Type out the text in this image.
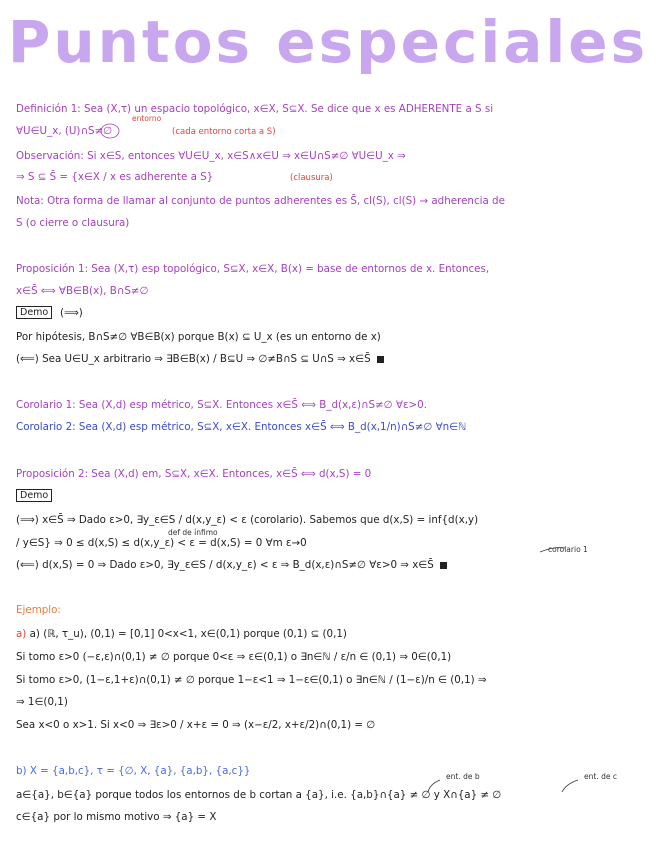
Puntos especiales
Definición 1: Sea (X,τ) un espacio topológico, x∈X, S⊆X. Se dice que x es ADHERENTE a S si
entorno
∀U∈U_x, (U)∩S≠∅	(cada entorno corta a S)
Observación: Si x∈S, entonces ∀U∈U_x, x∈S∧x∈U ⇒ x∈U∩S≠∅ ∀U∈U_x ⇒
⇒ S ⊆ S̄ = {x∈X / x es adherente a S}	(clausura)
Nota: Otra forma de llamar al conjunto de puntos adherentes es S̄, cl(S), cl(S) → adherencia de
S (o cierre o clausura)
Proposición 1: Sea (X,τ) esp topológico, S⊆X, x∈X, B(x) = base de entornos de x. Entonces,
x∈S̄ ⟺ ∀B∈B(x), B∩S≠∅
Demo	(⟹)
Por hipótesis, B∩S≠∅ ∀B∈B(x) porque B(x) ⊆ U_x (es un entorno de x)
(⟸) Sea U∈U_x arbitrario ⇒ ∃B∈B(x) / B⊆U ⇒ ∅≠B∩S ⊆ U∩S ⇒ x∈S̄
Corolario 1: Sea (X,d) esp métrico, S⊆X. Entonces x∈S̄ ⟺ B_d(x,ε)∩S≠∅ ∀ε>0.
Corolario 2: Sea (X,d) esp métrico, S⊆X, x∈X. Entonces x∈S̄ ⟺ B_d(x,1/n)∩S≠∅ ∀n∈ℕ
Proposición 2: Sea (X,d) em, S⊆X, x∈X. Entonces, x∈S̄ ⟺ d(x,S) = 0
Demo
(⟹) x∈S̄ ⇒ Dado ε>0, ∃y_ε∈S / d(x,y_ε) < ε (corolario). Sabemos que d(x,S) = inf{d(x,y)
def de ínfimo
/ y∈S} ⇒ 0 ≤ d(x,S) ≤ d(x,y_ε) < ε = d(x,S) = 0 ∀m ε→0
corolario 1
(⟸) d(x,S) = 0 ⇒ Dado ε>0, ∃y_ε∈S / d(x,y_ε) < ε ⇒ B_d(x,ε)∩S≠∅ ∀ε>0 ⇒ x∈S̄
Ejemplo:
a) a) (ℝ, τ_u), (0,1) = [0,1] 0<x<1, x∈(0,1) porque (0,1) ⊆ (0,1)
Si tomo ε>0 (−ε,ε)∩(0,1) ≠ ∅ porque 0<ε ⇒ ε∈(0,1) o ∃n∈ℕ / ε/n ∈ (0,1) ⇒ 0∈(0,1)
Si tomo ε>0, (1−ε,1+ε)∩(0,1) ≠ ∅ porque 1−ε<1 ⇒ 1−ε∈(0,1) o ∃n∈ℕ / (1−ε)/n ∈ (0,1) ⇒
⇒ 1∈(0,1)
Sea x<0 o x>1. Si x<0 ⇒ ∃ε>0 / x+ε = 0 ⇒ (x−ε/2, x+ε/2)∩(0,1) = ∅
b) X = {a,b,c}, τ = {∅, X, {a}, {a,b}, {a,c}}	ent. de b	ent. de c
a∈{a}, b∈{a} porque todos los entornos de b cortan a {a}, i.e. {a,b}∩{a} ≠ ∅ y X∩{a} ≠ ∅
c∈{a} por lo mismo motivo ⇒ {a} = X
